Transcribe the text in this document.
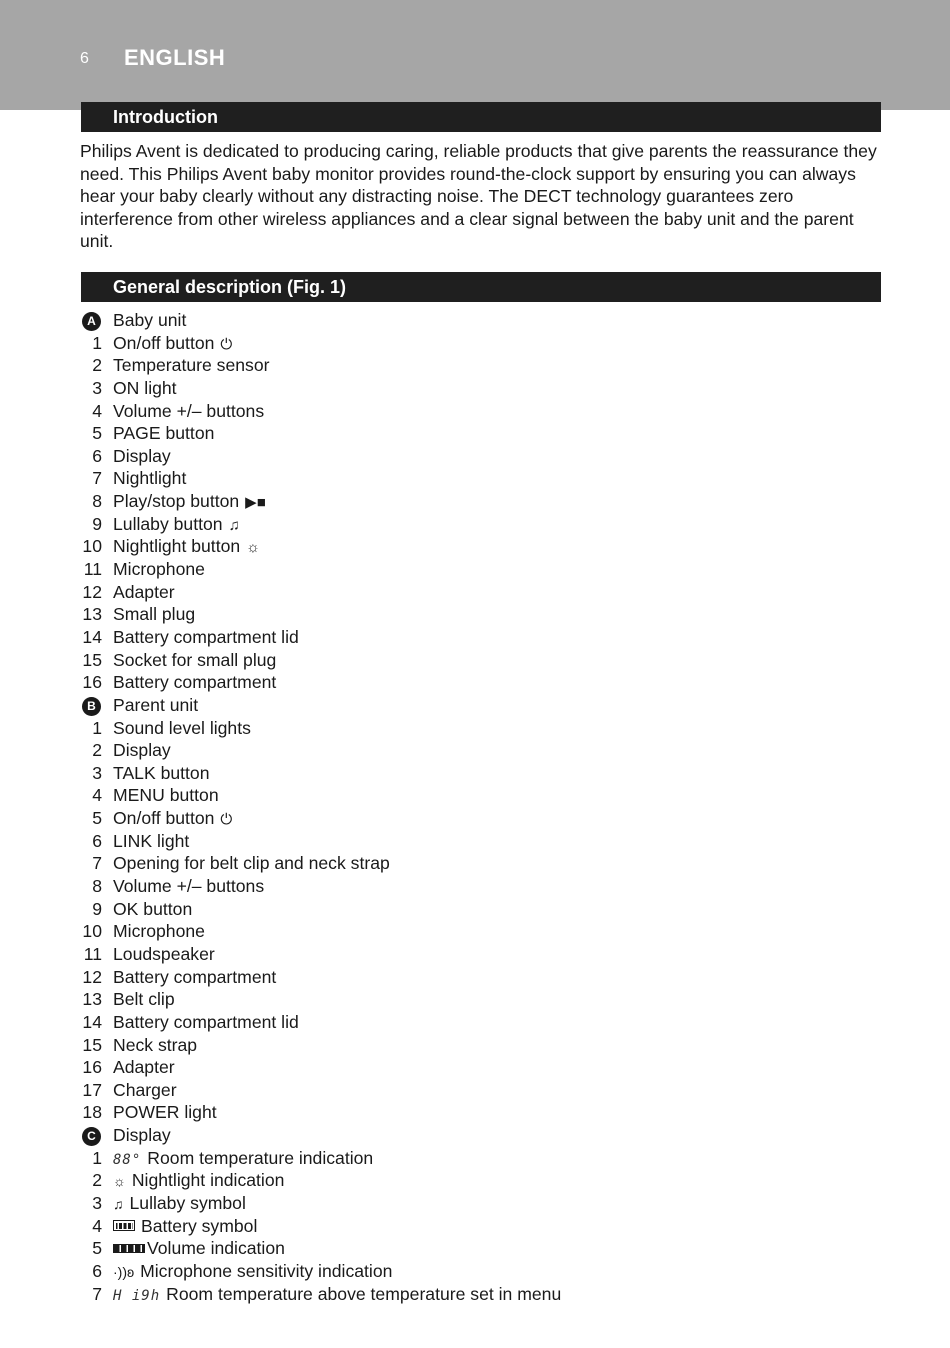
6 ENGLISH
Introduction

Philips Avent is dedicated to producing caring, reliable products that give parents the reassurance they need. This Philips Avent baby monitor provides round-the-clock support by ensuring you can always hear your baby clearly without any distracting noise. The DECT technology guarantees zero interference from other wireless appliances and a clear signal between the baby unit and the parent unit.

General description (Fig. 1)
A Baby unit
1 On/off button ⏻
2 Temperature sensor
3 ON light
4 Volume +/– buttons
5 PAGE button
6 Display
7 Nightlight
8 Play/stop button ▶■
9 Lullaby button ♫
10 Nightlight button ☼
11 Microphone
12 Adapter
13 Small plug
14 Battery compartment lid
15 Socket for small plug
16 Battery compartment
B Parent unit
1 Sound level lights
2 Display
3 TALK button
4 MENU button
5 On/off button ⏻
6 LINK light
7 Opening for belt clip and neck strap
8 Volume +/– buttons
9 OK button
10 Microphone
11 Loudspeaker
12 Battery compartment
13 Belt clip
14 Battery compartment lid
15 Neck strap
16 Adapter
17 Charger
18 POWER light
C Display
1 88° Room temperature indication
2 ☼ Nightlight indication
3 ♫ Lullaby symbol
4	Battery symbol
5	Volume indication
6 ·))ʚ Microphone sensitivity indication
7 H i9h Room temperature above temperature set in menu
